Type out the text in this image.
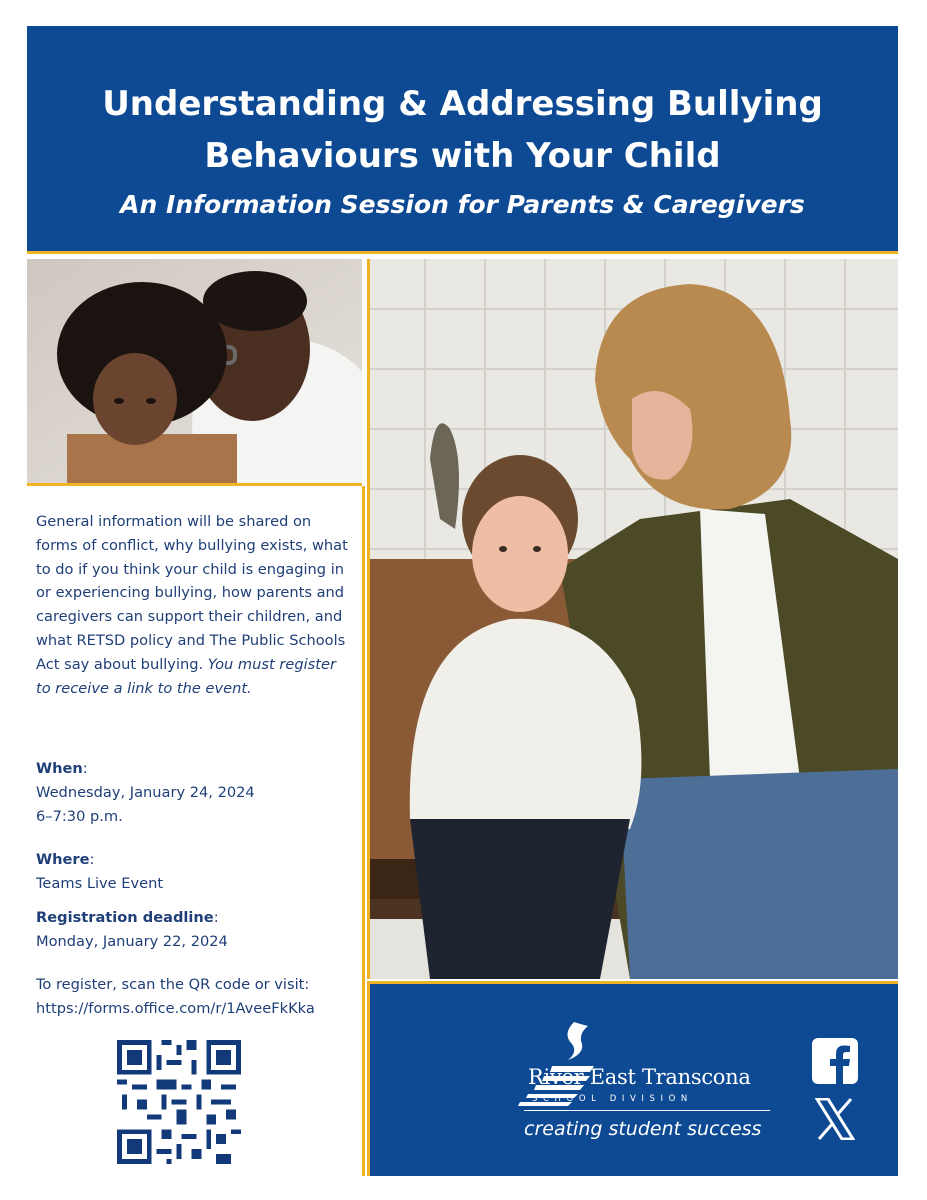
Understanding & Addressing Bullying
Behaviours with Your Child

An Information Session for Parents & Caregivers

General information will be shared on forms of conflict, why bullying exists, what to do if you think your child is engaging in or experiencing bullying, how parents and caregivers can support their children, and what RETSD policy and The Public Schools Act say about bullying. You must register to receive a link to the event.

When:
Wednesday, January 24, 2024
6–7:30 p.m.
Where:
Teams Live Event
Registration deadline:
Monday, January 22, 2024
To register, scan the QR code or visit:
https://forms.office.com/r/1AveeFkKka
River East Transcona
SCHOOL DIVISION
creating student success
